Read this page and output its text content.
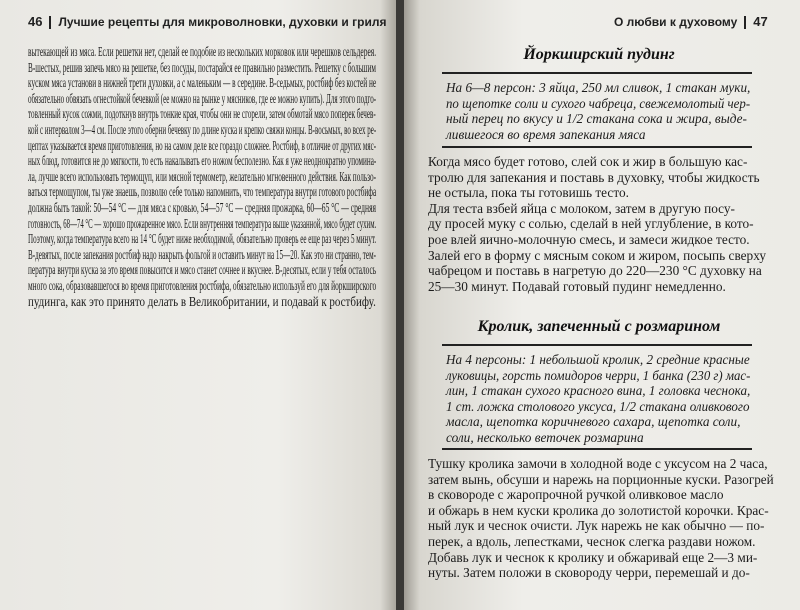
46 Лучшие рецепты для микроволновки, духовки и гриля
вытекающей из мяса. Если решетки нет, сделай ее подобие из нескольких морковок или черешков сельдерея.
В-шестых, решив запечь мясо на решетке, без посуды, постарайся ее правильно разместить. Решетку с большим
куском мяса установи в нижней трети духовки, а с маленьким — в середине. В-седьмых, ростбиф без костей не
обязательно обвязать огнестойкой бечевкой (ее можно на рынке у мясников, где ее можно купить). Для этого подго-
товленный кусок сожми, подоткнув внутрь тонкие края, чтобы они не сгорели, затем обмотай мясо поперек бечев-
кой с интервалом 3—4 см. После этого оберни бечевку по длине куска и крепко свяжи концы. В-восьмых, во всех ре-
цептах указывается время приготовления, но на самом деле все гораздо сложнее. Ростбиф, в отличие от других мяс-
ных блюд, готовится не до мягкости, то есть накалывать его ножом бесполезно. Как я уже неоднократно упомина-
ла, лучше всего использовать термощуп, или мясной термометр, желательно мгновенного действия. Как пользо-
ваться термощупом, ты уже знаешь, позволю себе только напомнить, что температура внутри готового ростбифа
должна быть такой: 50—54 °C — для мяса с кровью, 54—57 °C — средняя прожарка, 60—65 °C — средняя
готовность, 68—74 °C — хорошо прожаренное мясо. Если внутренняя температура выше указанной, мясо будет сухим.
Поэтому, когда температура всего на 14 °C будет ниже необходимой, обязательно проверь ее еще раз через 5 минут.
В-девятых, после запекания ростбиф надо накрыть фольгой и оставить минут на 15—20. Как это ни странно, тем-
пература внутри куска за это время повысится и мясо станет сочнее и вкуснее. В-десятых, если у тебя осталось
много сока, образовавшегося во время приготовления ростбифа, обязательно используй его для йоркширского
пудинга, как это принято делать в Великобритании, и подавай к ростбифу.
О любви к духовому 47
Йоркширский пудинг
На 6—8 персон: 3 яйца, 250 мл сливок, 1 стакан муки,
по щепотке соли и сухого чабреца, свежемолотый чер-
ный перец по вкусу и 1/2 стакана сока и жира, выде-
лившегося во время запекания мяса
Когда мясо будет готово, слей сок и жир в большую кас-
тролю для запекания и поставь в духовку, чтобы жидкость
не остыла, пока ты готовишь тесто.
Для теста взбей яйца с молоком, затем в другую посу-
ду просей муку с солью, сделай в ней углубление, в кото-
рое влей яично-молочную смесь, и замеси жидкое тесто.
Залей его в форму с мясным соком и жиром, посыпь сверху
чабрецом и поставь в нагретую до 220—230 °С духовку на
25—30 минут. Подавай готовый пудинг немедленно.
Кролик, запеченный с розмарином
На 4 персоны: 1 небольшой кролик, 2 средние красные
луковицы, горсть помидоров черри, 1 банка (230 г) мас-
лин, 1 стакан сухого красного вина, 1 головка чеснока,
1 ст. ложка столового уксуса, 1/2 стакана оливкового
масла, щепотка коричневого сахара, щепотка соли,
соли, несколько веточек розмарина
Тушку кролика замочи в холодной воде с уксусом на 2 часа,
затем вынь, обсуши и нарежь на порционные куски. Разогрей
в сковороде с жаропрочной ручкой оливковое масло
и обжарь в нем куски кролика до золотистой корочки. Крас-
ный лук и чеснок очисти. Лук нарежь не как обычно — по-
перек, а вдоль, лепестками, чеснок слегка раздави ножом.
Добавь лук и чеснок к кролику и обжаривай еще 2—3 ми-
нуты. Затем положи в сковороду черри, перемешай и до-
